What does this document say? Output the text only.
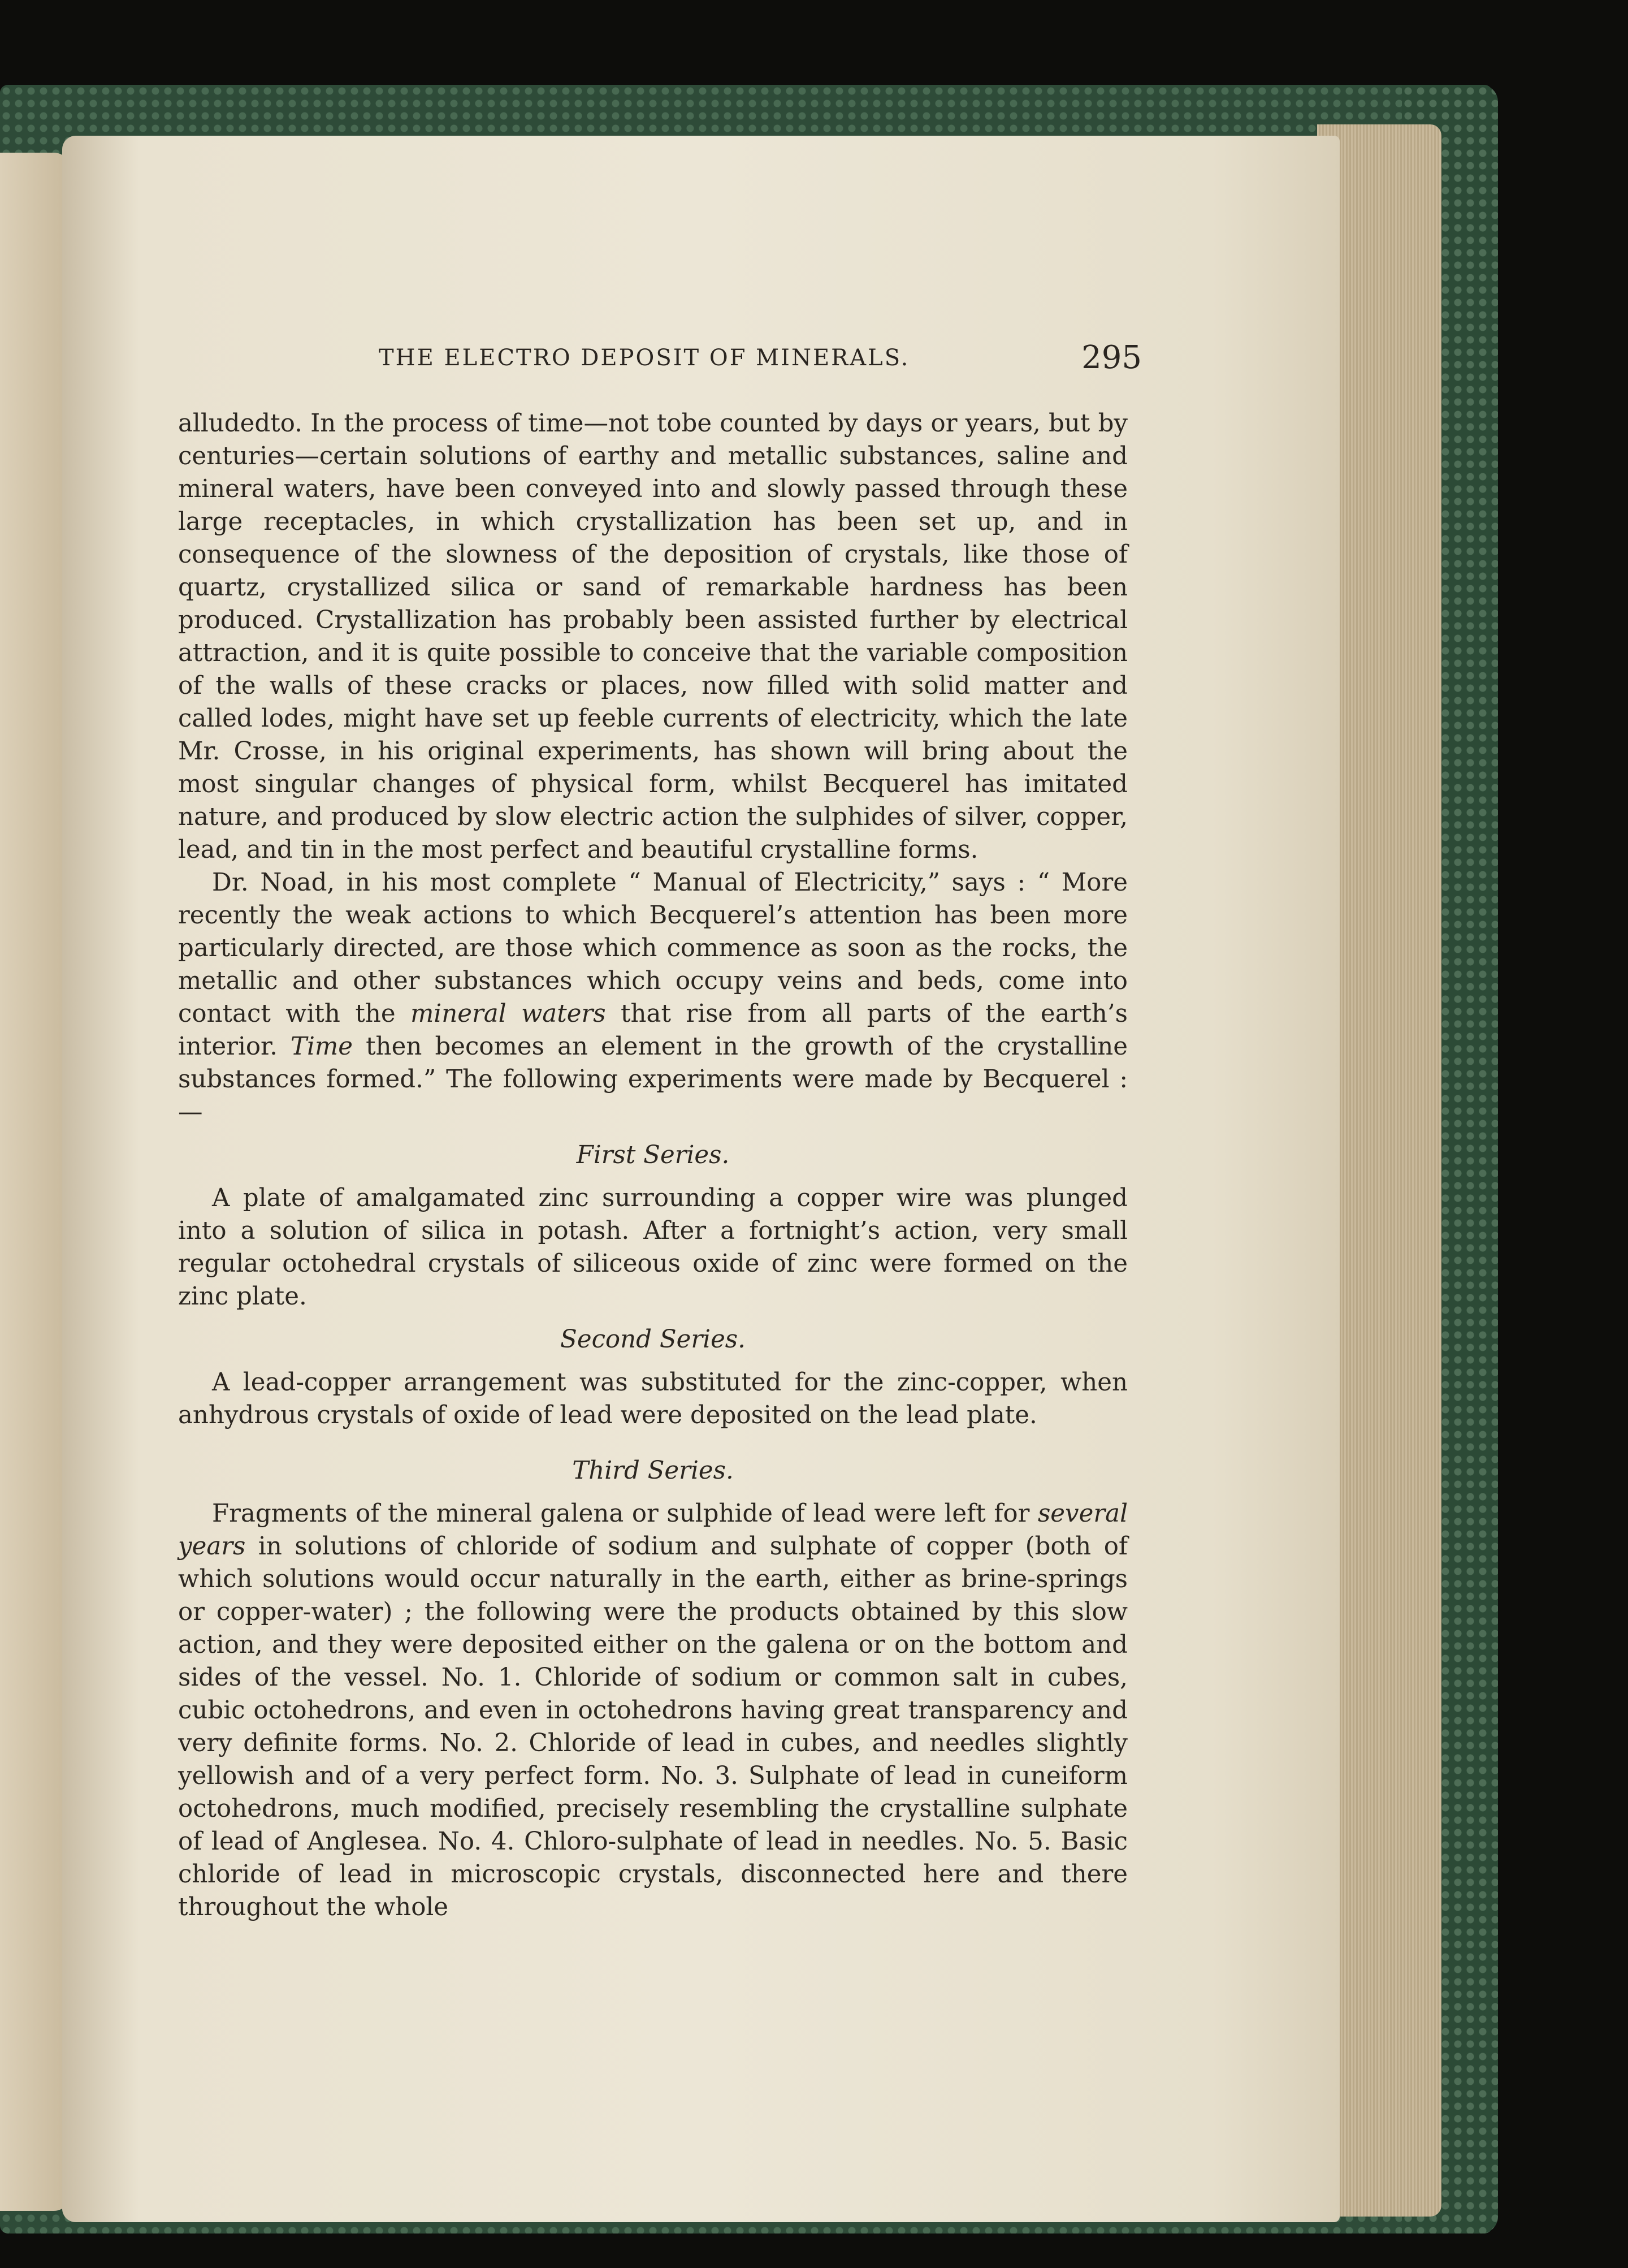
THE ELECTRO DEPOSIT OF MINERALS.	295

alludedto. In the process of time—not tobe counted by days or years, but by centuries—certain solutions of earthy and metallic substances, saline and mineral waters, have been conveyed into and slowly passed through these large receptacles, in which crystallization has been set up, and in consequence of the slowness of the deposition of crystals, like those of quartz, crystallized silica or sand of remarkable hardness has been produced. Crystallization has probably been assisted further by electrical attraction, and it is quite possible to conceive that the variable composition of the walls of these cracks or places, now filled with solid matter and called lodes, might have set up feeble currents of electricity, which the late Mr. Crosse, in his original experiments, has shown will bring about the most singular changes of physical form, whilst Becquerel has imitated nature, and produced by slow electric action the sulphides of silver, copper, lead, and tin in the most perfect and beautiful crystalline forms.

Dr. Noad, in his most complete “ Manual of Electricity,” says : “ More recently the weak actions to which Becquerel’s attention has been more particularly directed, are those which commence as soon as the rocks, the metallic and other substances which occupy veins and beds, come into contact with the mineral waters that rise from all parts of the earth’s interior. Time then becomes an element in the growth of the crystalline substances formed.” The following experiments were made by Becquerel :—

First Series.

A plate of amalgamated zinc surrounding a copper wire was plunged into a solution of silica in potash. After a fortnight’s action, very small regular octohedral crystals of siliceous oxide of zinc were formed on the zinc plate.

Second Series.

A lead-copper arrangement was substituted for the zinc-copper, when anhydrous crystals of oxide of lead were deposited on the lead plate.

Third Series.

Fragments of the mineral galena or sulphide of lead were left for several years in solutions of chloride of sodium and sulphate of copper (both of which solutions would occur naturally in the earth, either as brine-springs or copper-water) ; the following were the products obtained by this slow action, and they were deposited either on the galena or on the bottom and sides of the vessel. No. 1. Chloride of sodium or common salt in cubes, cubic octohedrons, and even in octohedrons having great transparency and very definite forms. No. 2. Chloride of lead in cubes, and needles slightly yellowish and of a very perfect form. No. 3. Sulphate of lead in cuneiform octohedrons, much modified, precisely resembling the crystalline sulphate of lead of Anglesea. No. 4. Chloro-sulphate of lead in needles. No. 5. Basic chloride of lead in microscopic crystals, disconnected here and there throughout the whole
